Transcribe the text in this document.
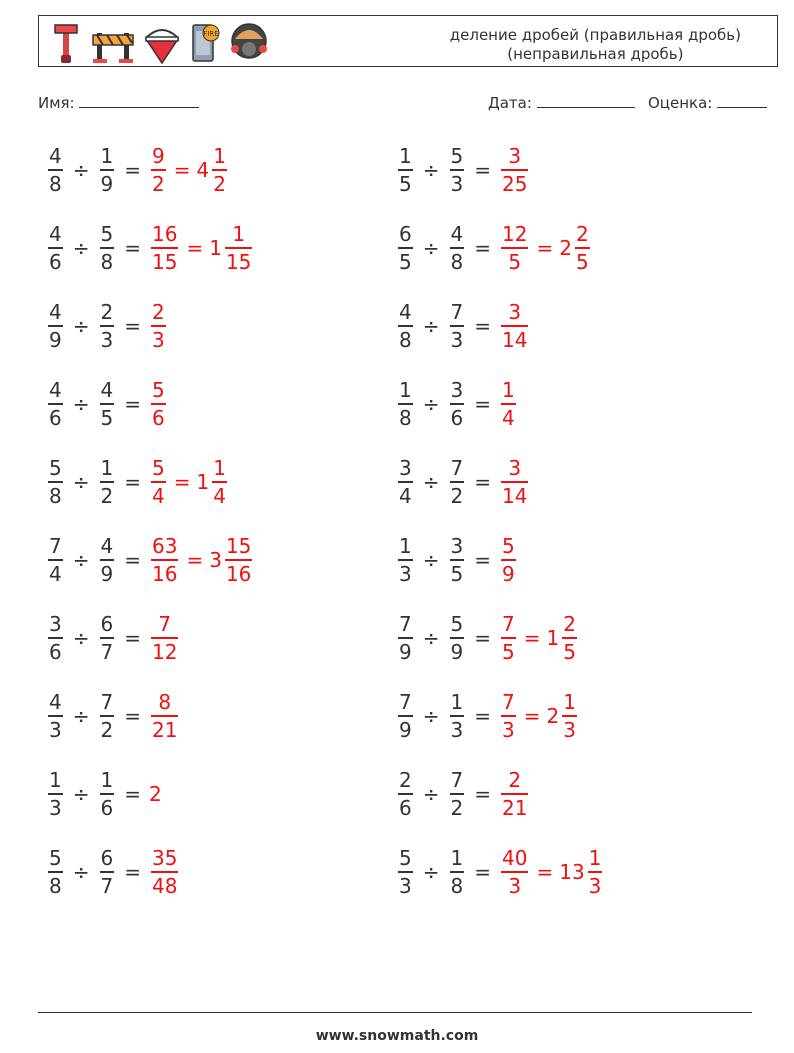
FIRE	деление дробей (правильная дробь)
(неправильная дробь)
Имя:	Дата:	Оценка:
$\frac{4}{8} \div \frac{1}{9} = \frac{9}{2} = 4 \frac{1}{2}$	$\frac{1}{5} \div \frac{5}{3} = \frac{3}{25}$
$\frac{4}{6} \div \frac{5}{8} = \frac{16}{15} = 1 \frac{1}{15}$	$\frac{6}{5} \div \frac{4}{8} = \frac{12}{5} = 2 \frac{2}{5}$
$\frac{4}{9} \div \frac{2}{3} = \frac{2}{3}$	$\frac{4}{8} \div \frac{7}{3} = \frac{3}{14}$
$\frac{4}{6} \div \frac{4}{5} = \frac{5}{6}$	$\frac{1}{8} \div \frac{3}{6} = \frac{1}{4}$
$\frac{5}{8} \div \frac{1}{2} = \frac{5}{4} = 1 \frac{1}{4}$	$\frac{3}{4} \div \frac{7}{2} = \frac{3}{14}$
$\frac{7}{4} \div \frac{4}{9} = \frac{63}{16} = 3 \frac{15}{16}$	$\frac{1}{3} \div \frac{3}{5} = \frac{5}{9}$
$\frac{3}{6} \div \frac{6}{7} = \frac{7}{12}$	$\frac{7}{9} \div \frac{5}{9} = \frac{7}{5} = 1 \frac{2}{5}$
$\frac{4}{3} \div \frac{7}{2} = \frac{8}{21}$	$\frac{7}{9} \div \frac{1}{3} = \frac{7}{3} = 2 \frac{1}{3}$
$\frac{1}{3} \div \frac{1}{6} = 2$	$\frac{2}{6} \div \frac{7}{2} = \frac{2}{21}$
$\frac{5}{8} \div \frac{6}{7} = \frac{35}{48}$	$\frac{5}{3} \div \frac{1}{8} = \frac{40}{3} = 13 \frac{1}{3}$
www.snowmath.com
